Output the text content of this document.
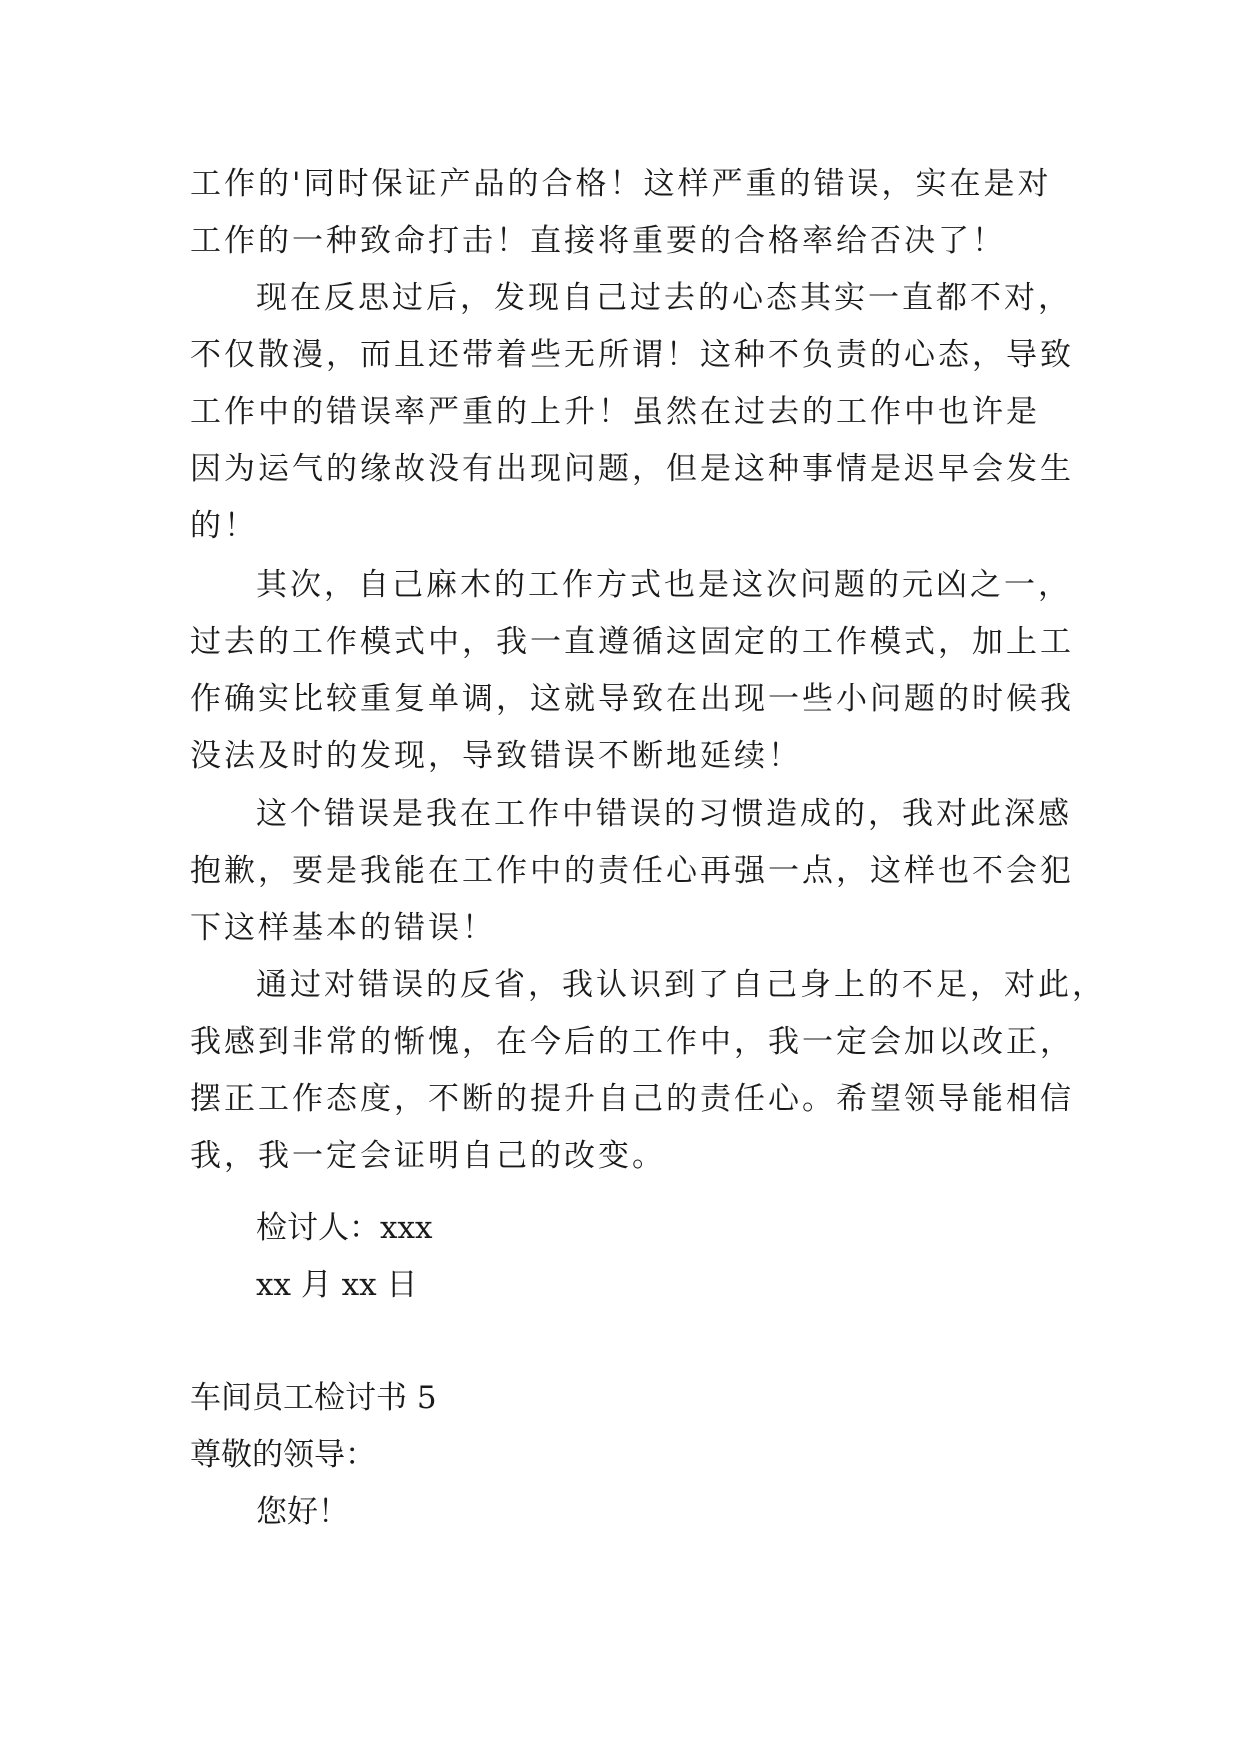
工作的'同时保证产品的合格！这样严重的错误，实在是对
工作的一种致命打击！直接将重要的合格率给否决了！
现在反思过后，发现自己过去的心态其实一直都不对，
不仅散漫，而且还带着些无所谓！这种不负责的心态，导致
工作中的错误率严重的上升！虽然在过去的工作中也许是
因为运气的缘故没有出现问题，但是这种事情是迟早会发生
的！
其次，自己麻木的工作方式也是这次问题的元凶之一，
过去的工作模式中，我一直遵循这固定的工作模式，加上工
作确实比较重复单调，这就导致在出现一些小问题的时候我
没法及时的发现，导致错误不断地延续！
这个错误是我在工作中错误的习惯造成的，我对此深感
抱歉，要是我能在工作中的责任心再强一点，这样也不会犯
下这样基本的错误！
通过对错误的反省，我认识到了自己身上的不足，对此，
我感到非常的惭愧，在今后的工作中，我一定会加以改正，
摆正工作态度，不断的提升自己的责任心。希望领导能相信
我，我一定会证明自己的改变。
检讨人：xxx
xx 月 xx 日
车间员工检讨书 5
尊敬的领导：
您好！
